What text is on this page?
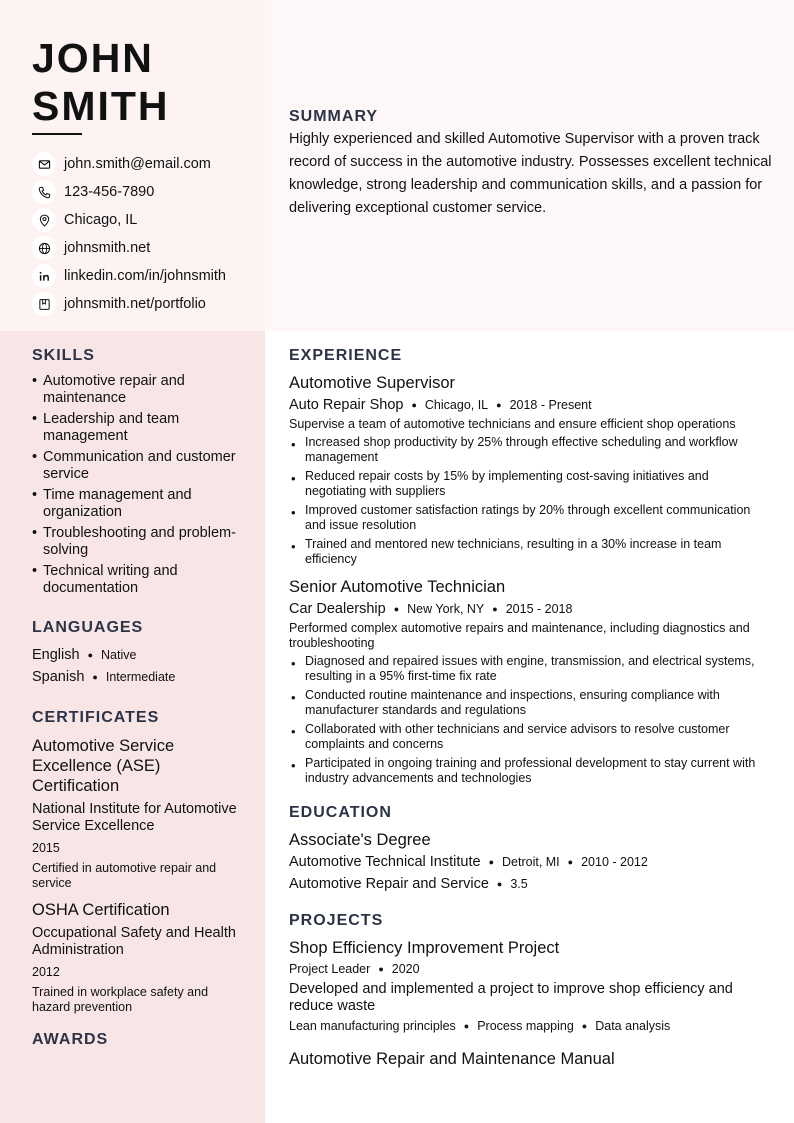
JOHN
SMITH
john.smith@email.com
123-456-7890
Chicago, IL
johnsmith.net
linkedin.com/in/johnsmith
johnsmith.net/portfolio
SUMMARY
Highly experienced and skilled Automotive Supervisor with a proven track record of success in the automotive industry. Possesses excellent technical knowledge, strong leadership and communication skills, and a passion for delivering exceptional customer service.
SKILLS
• Automotive repair and maintenance
• Leadership and team management
• Communication and customer service
• Time management and organization
• Troubleshooting and problem-solving
• Technical writing and documentation
LANGUAGES
English ● Native
Spanish ● Intermediate
CERTIFICATES
Automotive Service Excellence (ASE) Certification
National Institute for Automotive Service Excellence
2015
Certified in automotive repair and service
OSHA Certification
Occupational Safety and Health Administration
2012
Trained in workplace safety and hazard prevention
AWARDS
EXPERIENCE
Automotive Supervisor
Auto Repair Shop ● Chicago, IL ● 2018 - Present
Supervise a team of automotive technicians and ensure efficient shop operations
• Increased shop productivity by 25% through effective scheduling and workflow management
• Reduced repair costs by 15% by implementing cost-saving initiatives and negotiating with suppliers
• Improved customer satisfaction ratings by 20% through excellent communication and issue resolution
• Trained and mentored new technicians, resulting in a 30% increase in team efficiency
Senior Automotive Technician
Car Dealership ● New York, NY ● 2015 - 2018
Performed complex automotive repairs and maintenance, including diagnostics and troubleshooting
• Diagnosed and repaired issues with engine, transmission, and electrical systems, resulting in a 95% first-time fix rate
• Conducted routine maintenance and inspections, ensuring compliance with manufacturer standards and regulations
• Collaborated with other technicians and service advisors to resolve customer complaints and concerns
• Participated in ongoing training and professional development to stay current with industry advancements and technologies
EDUCATION
Associate's Degree
Automotive Technical Institute ● Detroit, MI ● 2010 - 2012
Automotive Repair and Service ● 3.5
PROJECTS
Shop Efficiency Improvement Project
Project Leader ● 2020
Developed and implemented a project to improve shop efficiency and reduce waste
Lean manufacturing principles ● Process mapping ● Data analysis
Automotive Repair and Maintenance Manual
